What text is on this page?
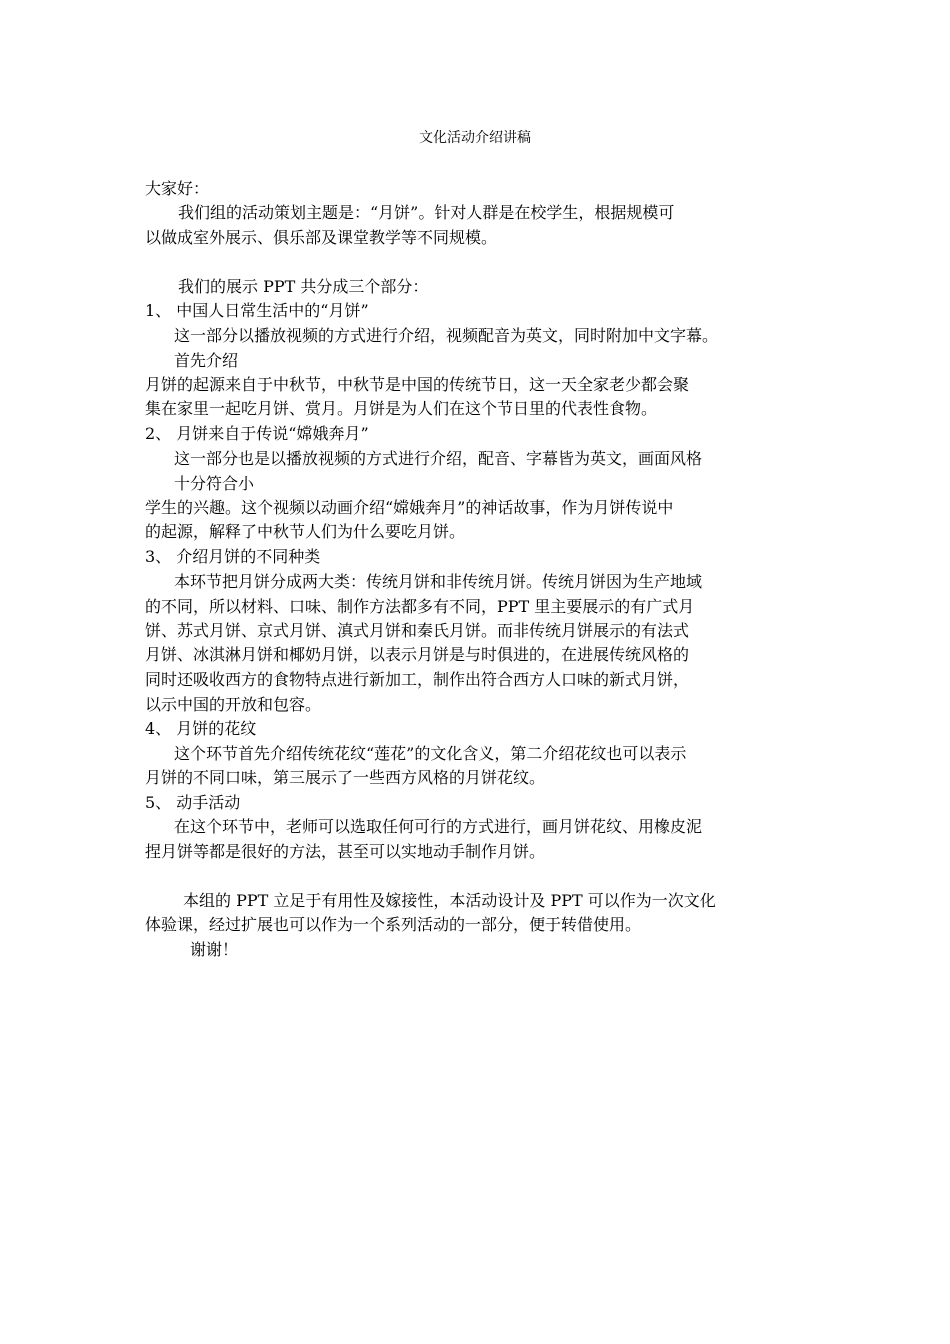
文化活动介绍讲稿
大家好：
我们组的活动策划主题是：“月饼”。针对人群是在校学生，根据规模可
以做成室外展示、俱乐部及课堂教学等不同规模。
我们的展示 PPT 共分成三个部分：
1、 中国人日常生活中的“月饼”
这一部分以播放视频的方式进行介绍，视频配音为英文，同时附加中文字幕。
首先介绍
月饼的起源来自于中秋节，中秋节是中国的传统节日，这一天全家老少都会聚
集在家里一起吃月饼、赏月。月饼是为人们在这个节日里的代表性食物。
2、 月饼来自于传说“嫦娥奔月”
这一部分也是以播放视频的方式进行介绍，配音、字幕皆为英文，画面风格
十分符合小
学生的兴趣。这个视频以动画介绍“嫦娥奔月”的神话故事，作为月饼传说中
的起源，解释了中秋节人们为什么要吃月饼。
3、 介绍月饼的不同种类
本环节把月饼分成两大类：传统月饼和非传统月饼。传统月饼因为生产地域
的不同，所以材料、口味、制作方法都多有不同，PPT 里主要展示的有广式月
饼、苏式月饼、京式月饼、滇式月饼和秦氏月饼。而非传统月饼展示的有法式
月饼、冰淇淋月饼和椰奶月饼，以表示月饼是与时俱进的，在进展传统风格的
同时还吸收西方的食物特点进行新加工，制作出符合西方人口味的新式月饼，
以示中国的开放和包容。
4、 月饼的花纹
这个环节首先介绍传统花纹“莲花”的文化含义，第二介绍花纹也可以表示
月饼的不同口味，第三展示了一些西方风格的月饼花纹。
5、 动手活动
在这个环节中，老师可以选取任何可行的方式进行，画月饼花纹、用橡皮泥
捏月饼等都是很好的方法，甚至可以实地动手制作月饼。
本组的 PPT 立足于有用性及嫁接性，本活动设计及 PPT 可以作为一次文化
体验课，经过扩展也可以作为一个系列活动的一部分，便于转借使用。
谢谢！
